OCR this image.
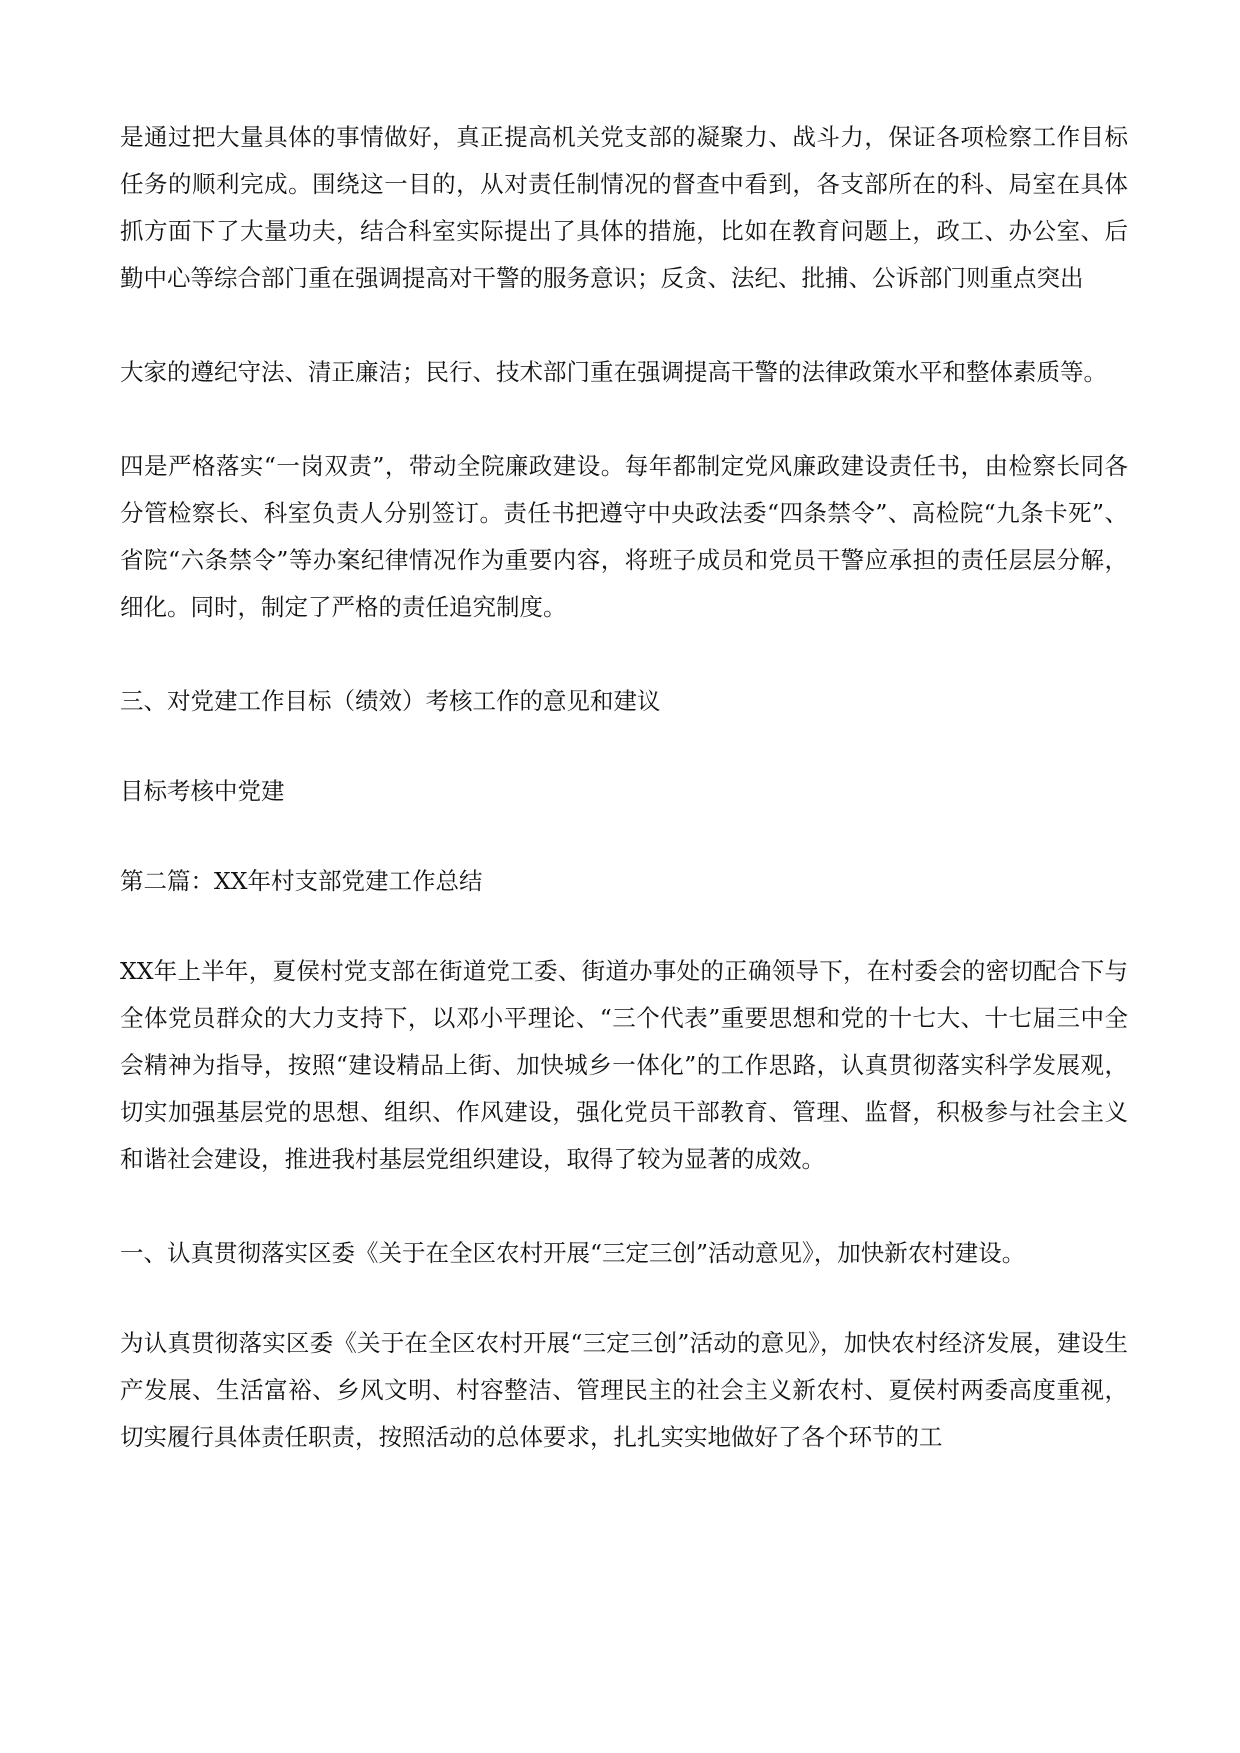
是通过把大量具体的事情做好，真正提高机关党支部的凝聚力、战斗力，保证各项检察工作目标任务的顺利完成。围绕这一目的，从对责任制情况的督查中看到，各支部所在的科、局室在具体抓方面下了大量功夫，结合科室实际提出了具体的措施，比如在教育问题上，政工、办公室、后勤中心等综合部门重在强调提高对干警的服务意识；反贪、法纪、批捕、公诉部门则重点突出

大家的遵纪守法、清正廉洁；民行、技术部门重在强调提高干警的法律政策水平和整体素质等。

四是严格落实“一岗双责”，带动全院廉政建设。每年都制定党风廉政建设责任书，由检察长同各分管检察长、科室负责人分别签订。责任书把遵守中央政法委“四条禁令”、高检院“九条卡死”、省院“六条禁令”等办案纪律情况作为重要内容，将班子成员和党员干警应承担的责任层层分解，细化。同时，制定了严格的责任追究制度。

三、对党建工作目标（绩效）考核工作的意见和建议

目标考核中党建

第二篇：XX年村支部党建工作总结

XX年上半年，夏侯村党支部在街道党工委、街道办事处的正确领导下，在村委会的密切配合下与全体党员群众的大力支持下，以邓小平理论、“三个代表”重要思想和党的十七大、十七届三中全会精神为指导，按照“建设精品上街、加快城乡一体化”的工作思路，认真贯彻落实科学发展观，切实加强基层党的思想、组织、作风建设，强化党员干部教育、管理、监督，积极参与社会主义和谐社会建设，推进我村基层党组织建设，取得了较为显著的成效。

一、认真贯彻落实区委《关于在全区农村开展“三定三创”活动意见》，加快新农村建设。

为认真贯彻落实区委《关于在全区农村开展“三定三创”活动的意见》，加快农村经济发展，建设生产发展、生活富裕、乡风文明、村容整洁、管理民主的社会主义新农村、夏侯村两委高度重视，切实履行具体责任职责，按照活动的总体要求，扎扎实实地做好了各个环节的工
